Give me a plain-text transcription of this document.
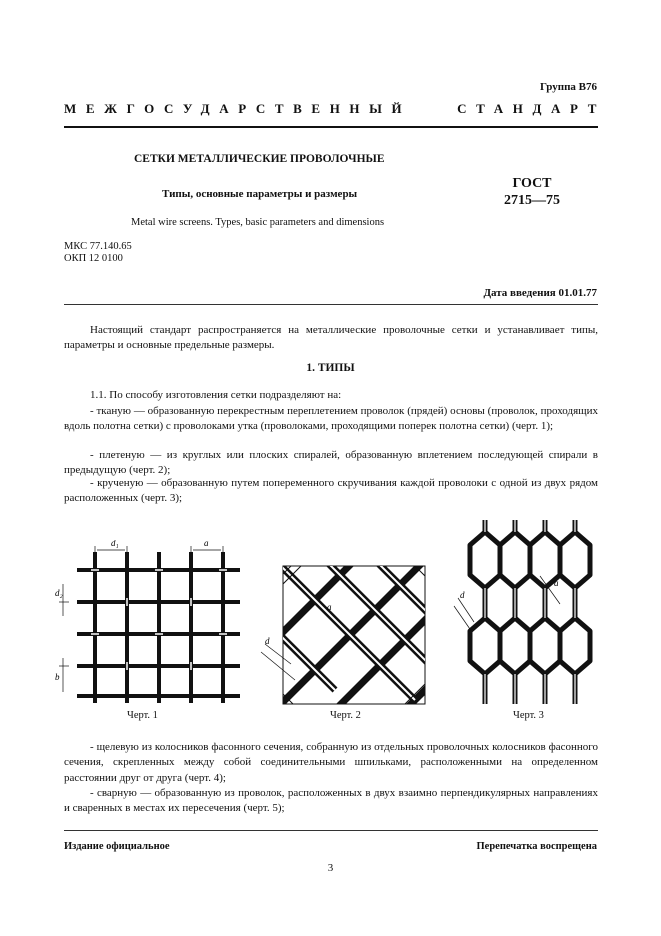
Группа В76
МЕЖГОСУДАРСТВЕННЫЙ	СТАНДАРТ
СЕТКИ МЕТАЛЛИЧЕСКИЕ ПРОВОЛОЧНЫЕ
Типы, основные параметры и размеры
ГОСТ
2715—75
Metal wire screens. Types, basic parameters and dimensions
МКС 77.140.65
ОКП 12 0100
Дата введения 01.01.77
Настоящий стандарт распространяется на металлические проволочные сетки и устанавливает типы, параметры и основные предельные размеры.
1. ТИПЫ
1.1. По способу изготовления сетки подразделяют на:
- тканую — образованную перекрестным переплетением проволок (прядей) основы (проволок, проходящих вдоль полотна сетки) с проволоками утка (проволоками, проходящими поперек полотна сетки) (черт. 1);
- плетеную — из круглых или плоских спиралей, образованную вплетением последующей спирали в предыдущую (черт. 2);
- крученую — образованную путем попеременного скручивания каждой проволоки с одной из двух рядом расположенных (черт. 3);
d₁	a
d₂
b
Черт. 1
a
d
Черт. 2
d
a
Черт. 3
- щелевую из колосников фасонного сечения, собранную из отдельных проволочных колосников фасонного сечения, скрепленных между собой соединительными шпильками, расположенными на определенном расстоянии друг от друга (черт. 4);
- сварную — образованную из проволок, расположенных в двух взаимно перпендикулярных направлениях и сваренных в местах их пересечения (черт. 5);
Издание официальное	Перепечатка воспрещена
3
